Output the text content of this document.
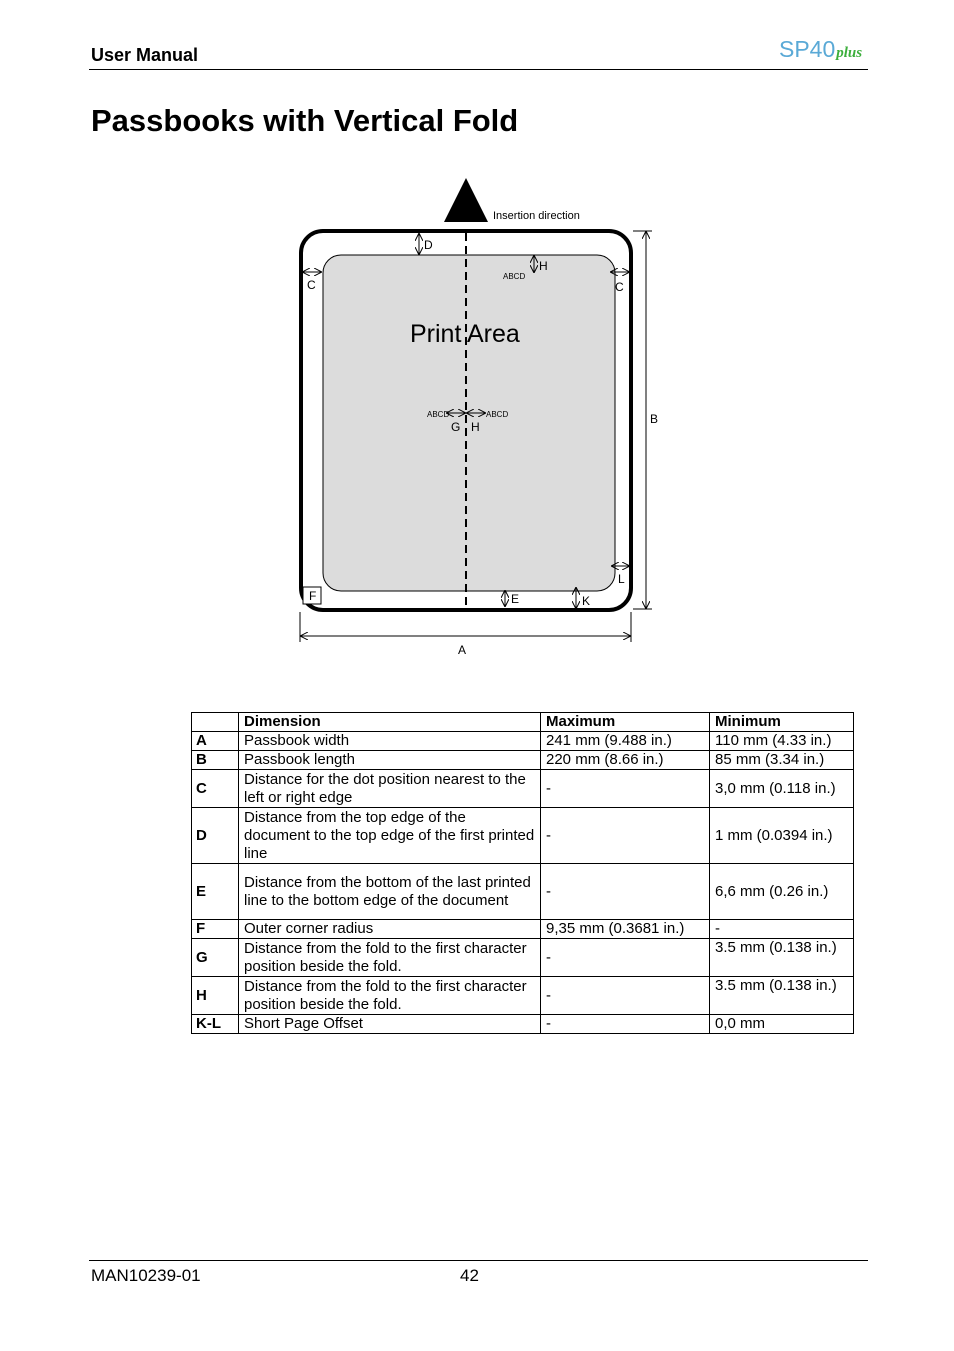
User Manual	SP40plus
Passbooks with Vertical Fold
Insertion direction
Print Area
D
H
ABCD
C	C
ABCD	ABCD
G H
B
L
F	E	K
A
	Dimension	Maximum	Minimum
A	Passbook width	241 mm (9.488 in.)	110 mm (4.33 in.)
B	Passbook length	220 mm (8.66 in.)	85 mm (3.34 in.)
C	Distance for the dot position nearest to the left or right edge	-	3,0 mm (0.118 in.)
D	Distance from the top edge of the document to the top edge of the first printed line	-	1 mm (0.0394 in.)
E	Distance from the bottom of the last printed line to the bottom edge of the document	-	6,6 mm (0.26 in.)
F	Outer corner radius	9,35 mm (0.3681 in.)	-
G	Distance from the fold to the first character position beside the fold.	-	3.5 mm (0.138 in.)
H	Distance from the fold to the first character position beside the fold.	-	3.5 mm (0.138 in.)
K-L	Short Page Offset	-	0,0 mm
MAN10239-01	42
